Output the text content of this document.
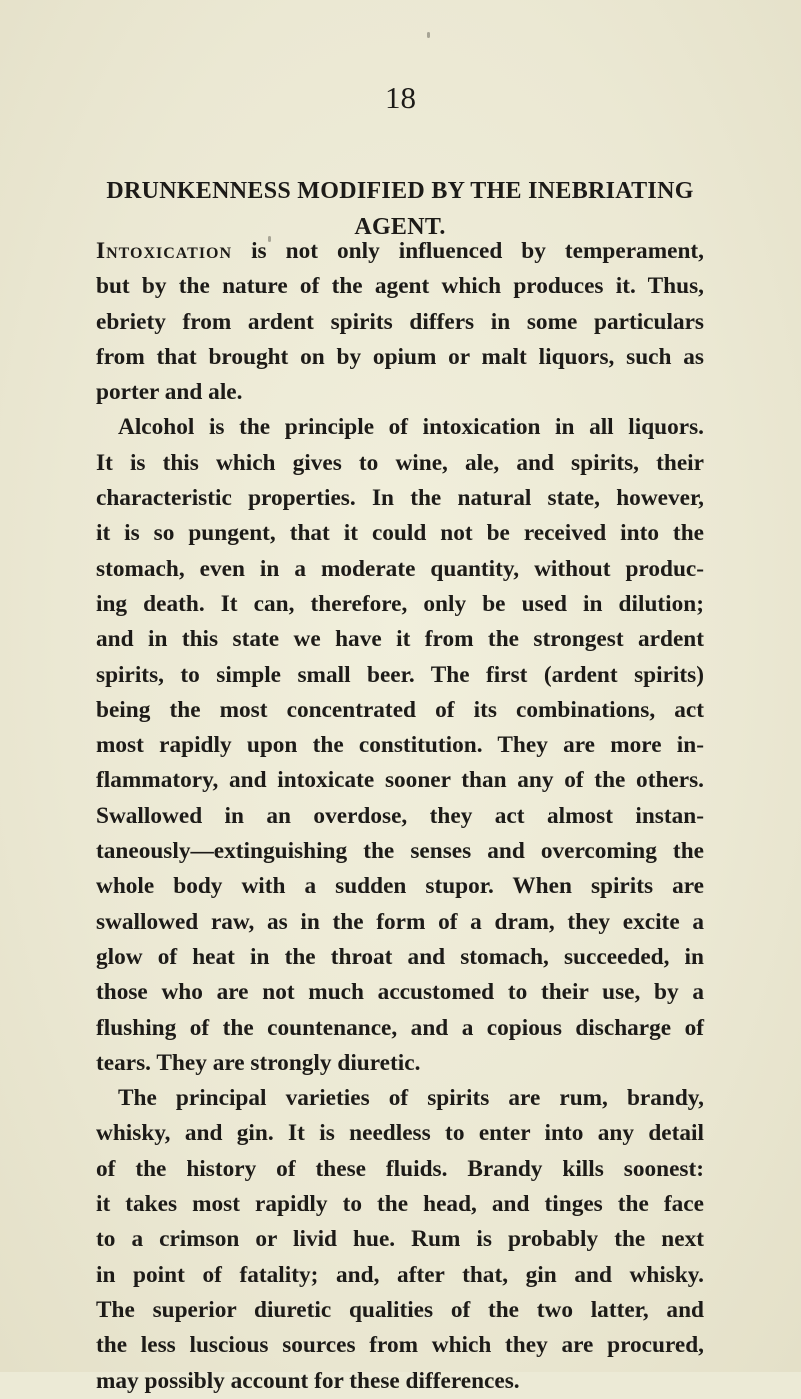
18
DRUNKENNESS MODIFIED BY THE INEBRIATING
AGENT.
Intoxication is not only influenced by temperament,
but by the nature of the agent which produces it. Thus,
ebriety from ardent spirits differs in some particulars
from that brought on by opium or malt liquors, such as
porter and ale.
Alcohol is the principle of intoxication in all liquors.
It is this which gives to wine, ale, and spirits, their
characteristic properties. In the natural state, however,
it is so pungent, that it could not be received into the
stomach, even in a moderate quantity, without produc-
ing death. It can, therefore, only be used in dilution;
and in this state we have it from the strongest ardent
spirits, to simple small beer. The first (ardent spirits)
being the most concentrated of its combinations, act
most rapidly upon the constitution. They are more in-
flammatory, and intoxicate sooner than any of the others.
Swallowed in an overdose, they act almost instan-
taneously—extinguishing the senses and overcoming the
whole body with a sudden stupor. When spirits are
swallowed raw, as in the form of a dram, they excite a
glow of heat in the throat and stomach, succeeded, in
those who are not much accustomed to their use, by a
flushing of the countenance, and a copious discharge of
tears. They are strongly diuretic.
The principal varieties of spirits are rum, brandy,
whisky, and gin. It is needless to enter into any detail
of the history of these fluids. Brandy kills soonest:
it takes most rapidly to the head, and tinges the face
to a crimson or livid hue. Rum is probably the next
in point of fatality; and, after that, gin and whisky.
The superior diuretic qualities of the two latter, and
the less luscious sources from which they are procured,
may possibly account for these differences.
